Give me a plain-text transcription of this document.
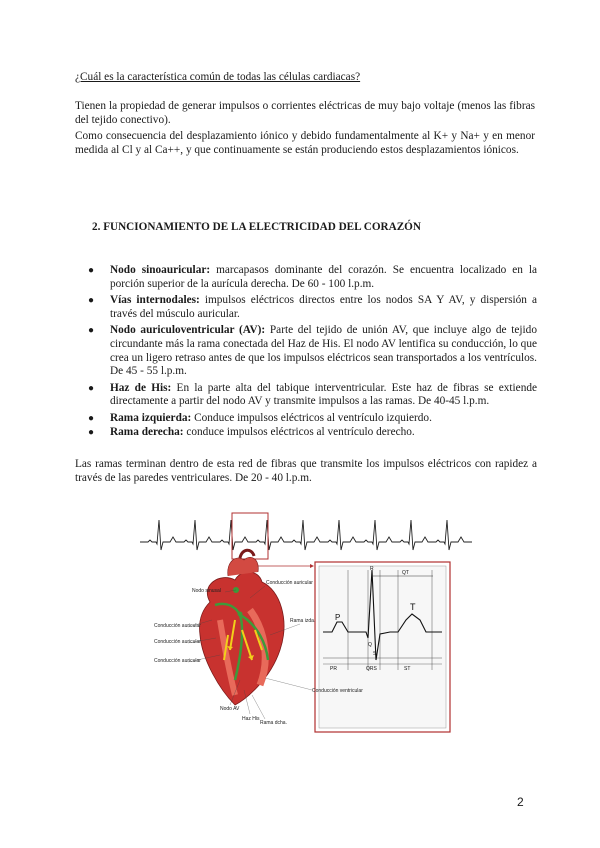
¿Cuál es la característica común de todas las células cardiacas?
Tienen la propiedad de generar impulsos o corrientes eléctricas de muy bajo voltaje (menos las fibras del tejido conectivo).
Como consecuencia del desplazamiento iónico y debido fundamentalmente al K+ y Na+ y en menor medida al Cl y al Ca++, y que continuamente se están produciendo estos desplazamientos iónicos.
2. FUNCIONAMIENTO DE LA ELECTRICIDAD DEL CORAZÓN
● Nodo sinoauricular: marcapasos dominante del corazón. Se encuentra localizado en la porción superior de la aurícula derecha. De 60 - 100 l.p.m.
● Vías internodales: impulsos eléctricos directos entre los nodos SA Y AV, y dispersión a través del músculo auricular.
● Nodo auriculoventricular (AV): Parte del tejido de unión AV, que incluye algo de tejido circundante más la rama conectada del Haz de His. El nodo AV lentifica su conducción, lo que crea un ligero retraso antes de que los impulsos eléctricos sean transportados a los ventrículos. De 45 - 55 l.p.m.
● Haz de His: En la parte alta del tabique interventricular. Este haz de fibras se extiende directamente a partir del nodo AV y transmite impulsos a las ramas. De 40-45 l.p.m.
● Rama izquierda: Conduce impulsos eléctricos al ventrículo izquierdo.
● Rama derecha: conduce impulsos eléctricos al ventrículo derecho.
Las ramas terminan dentro de esta red de fibras que transmite los impulsos eléctricos con rapidez a través de las paredes ventriculares. De 20 - 40 l.p.m.
QT
R
P
T
Q
S
PR	QRS	ST
Nodo sinusal
Conducción auricular
Conducción auricular
Conducción auricular
Conducción auricular
Rama izda.
Conducción ventricular
Nodo AV
Haz His
Rama dcha.
2
